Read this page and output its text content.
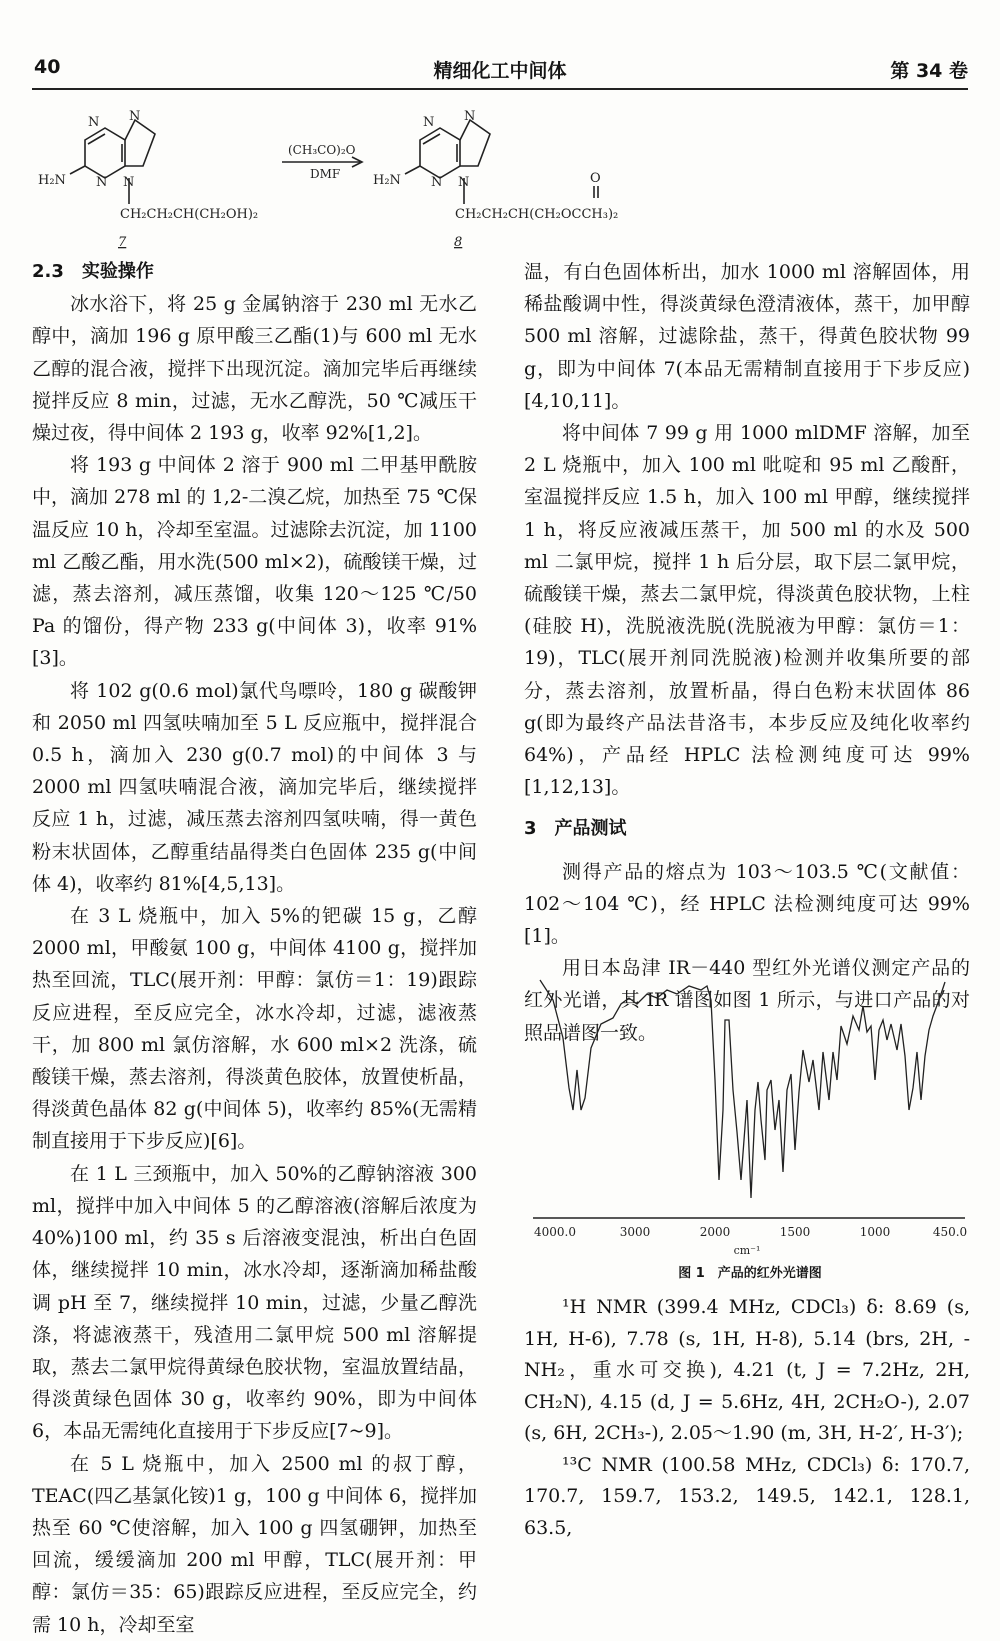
40	精细化工中间体	第 34 卷
N
N
N N
H₂N
CH₂CH₂CH(CH₂OH)₂
7
(CH₃CO)₂O
DMF
N
N
N N
H₂N	O
CH₂CH₂CH(CH₂OCCH₃)₂
8

2.3　实验操作

冰水浴下，将 25 g 金属钠溶于 230 ml 无水乙醇中，滴加 196 g 原甲酸三乙酯(1)与 600 ml 无水乙醇的混合液，搅拌下出现沉淀。滴加完毕后再继续搅拌反应 8 min，过滤，无水乙醇洗，50 ℃减压干燥过夜，得中间体 2 193 g，收率 92%[1,2]。

将 193 g 中间体 2 溶于 900 ml 二甲基甲酰胺中，滴加 278 ml 的 1,2-二溴乙烷，加热至 75 ℃保温反应 10 h，冷却至室温。过滤除去沉淀，加 1100 ml 乙酸乙酯，用水洗(500 ml×2)，硫酸镁干燥，过滤，蒸去溶剂，减压蒸馏，收集 120～125 ℃/50 Pa 的馏份，得产物 233 g(中间体 3)，收率 91%[3]。

将 102 g(0.6 mol)氯代鸟嘌呤，180 g 碳酸钾和 2050 ml 四氢呋喃加至 5 L 反应瓶中，搅拌混合 0.5 h，滴加入 230 g(0.7 mol)的中间体 3 与 2000 ml 四氢呋喃混合液，滴加完毕后，继续搅拌反应 1 h，过滤，减压蒸去溶剂四氢呋喃，得一黄色粉末状固体，乙醇重结晶得类白色固体 235 g(中间体 4)，收率约 81%[4,5,13]。

在 3 L 烧瓶中，加入 5%的钯碳 15 g，乙醇 2000 ml，甲酸氨 100 g，中间体 4100 g，搅拌加热至回流，TLC(展开剂：甲醇：氯仿＝1：19)跟踪反应进程，至反应完全，冰水冷却，过滤，滤液蒸干，加 800 ml 氯仿溶解，水 600 ml×2 洗涤，硫酸镁干燥，蒸去溶剂，得淡黄色胶体，放置使析晶，得淡黄色晶体 82 g(中间体 5)，收率约 85%(无需精制直接用于下步反应)[6]。

在 1 L 三颈瓶中，加入 50%的乙醇钠溶液 300 ml，搅拌中加入中间体 5 的乙醇溶液(溶解后浓度为 40%)100 ml，约 35 s 后溶液变混浊，析出白色固体，继续搅拌 10 min，冰水冷却，逐渐滴加稀盐酸调 pH 至 7，继续搅拌 10 min，过滤，少量乙醇洗涤，将滤液蒸干，残渣用二氯甲烷 500 ml 溶解提取，蒸去二氯甲烷得黄绿色胶状物，室温放置结晶，得淡黄绿色固体 30 g，收率约 90%，即为中间体 6，本品无需纯化直接用于下步反应[7~9]。

在 5 L 烧瓶中，加入 2500 ml 的叔丁醇，TEAC(四乙基氯化铵)1 g，100 g 中间体 6，搅拌加热至 60 ℃使溶解，加入 100 g 四氢硼钾，加热至回流，缓缓滴加 200 ml 甲醇，TLC(展开剂：甲醇：氯仿＝35：65)跟踪反应进程，至反应完全，约需 10 h，冷却至室

温，有白色固体析出，加水 1000 ml 溶解固体，用稀盐酸调中性，得淡黄绿色澄清液体，蒸干，加甲醇 500 ml 溶解，过滤除盐，蒸干，得黄色胶状物 99 g，即为中间体 7(本品无需精制直接用于下步反应)[4,10,11]。

将中间体 7 99 g 用 1000 mlDMF 溶解，加至 2 L 烧瓶中，加入 100 ml 吡啶和 95 ml 乙酸酐，室温搅拌反应 1.5 h，加入 100 ml 甲醇，继续搅拌 1 h，将反应液减压蒸干，加 500 ml 的水及 500 ml 二氯甲烷，搅拌 1 h 后分层，取下层二氯甲烷，硫酸镁干燥，蒸去二氯甲烷，得淡黄色胶状物，上柱(硅胶 H)，洗脱液洗脱(洗脱液为甲醇：氯仿＝1：19)，TLC(展开剂同洗脱液)检测并收集所要的部分，蒸去溶剂，放置析晶，得白色粉末状固体 86 g(即为最终产品法昔洛韦，本步反应及纯化收率约 64%)，产品经 HPLC 法检测纯度可达 99%[1,12,13]。

3　产品测试

测得产品的熔点为 103～103.5 ℃(文献值：102～104 ℃)，经 HPLC 法检测纯度可达 99%[1]。

用日本岛津 IR－440 型红外光谱仪测定产品的红外光谱，其 IR 谱图如图 1 所示，与进口产品的对照品谱图一致。

4000.0	3000	2000	1500	1000	450.0
cm⁻¹
图 1　产品的红外光谱图

¹H NMR (399.4 MHz, CDCl₃) δ: 8.69 (s, 1H, H-6), 7.78 (s, 1H, H-8), 5.14 (brs, 2H, -NH₂，重水可交换), 4.21 (t, J = 7.2Hz, 2H, CH₂N), 4.15 (d, J = 5.6Hz, 4H, 2CH₂O-), 2.07 (s, 6H, 2CH₃-), 2.05～1.90 (m, 3H, H-2′, H-3′);

¹³C NMR (100.58 MHz, CDCl₃) δ: 170.7, 170.7, 159.7, 153.2, 149.5, 142.1, 128.1, 63.5,
